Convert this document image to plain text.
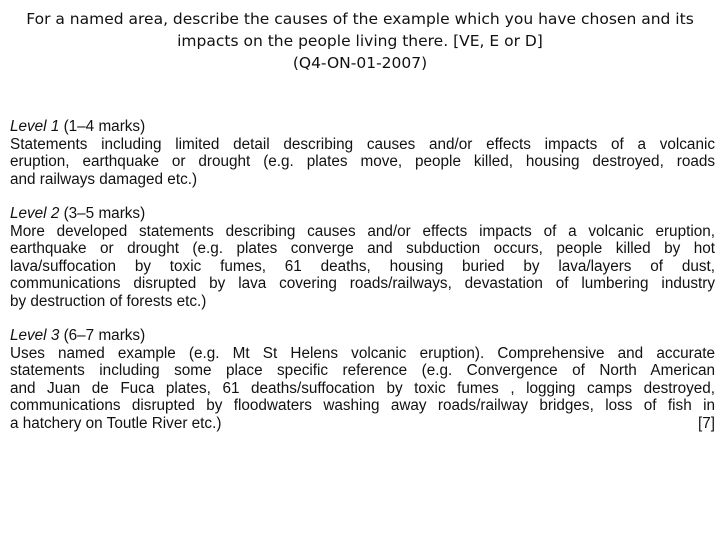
For a named area, describe the causes of the example which you have chosen and its
impacts on the people living there. [VE, E or D]
(Q4-ON-01-2007)
Level 1 (1–4 marks)
Statements including limited detail describing causes and/or effects impacts of a volcanic
eruption, earthquake or drought (e.g. plates move, people killed, housing destroyed, roads
and railways damaged etc.)
Level 2 (3–5 marks)
More developed statements describing causes and/or effects impacts of a volcanic eruption,
earthquake or drought (e.g. plates converge and subduction occurs, people killed by hot
lava/suffocation by toxic fumes, 61 deaths, housing buried by lava/layers of dust,
communications disrupted by lava covering roads/railways, devastation of lumbering industry
by destruction of forests etc.)
Level 3 (6–7 marks)
Uses named example (e.g. Mt St Helens volcanic eruption). Comprehensive and accurate
statements including some place specific reference (e.g. Convergence of North American
and Juan de Fuca plates, 61 deaths/suffocation by toxic fumes , logging camps destroyed,
communications disrupted by floodwaters washing away roads/railway bridges, loss of fish in
a hatchery on Toutle River etc.)	[7]
